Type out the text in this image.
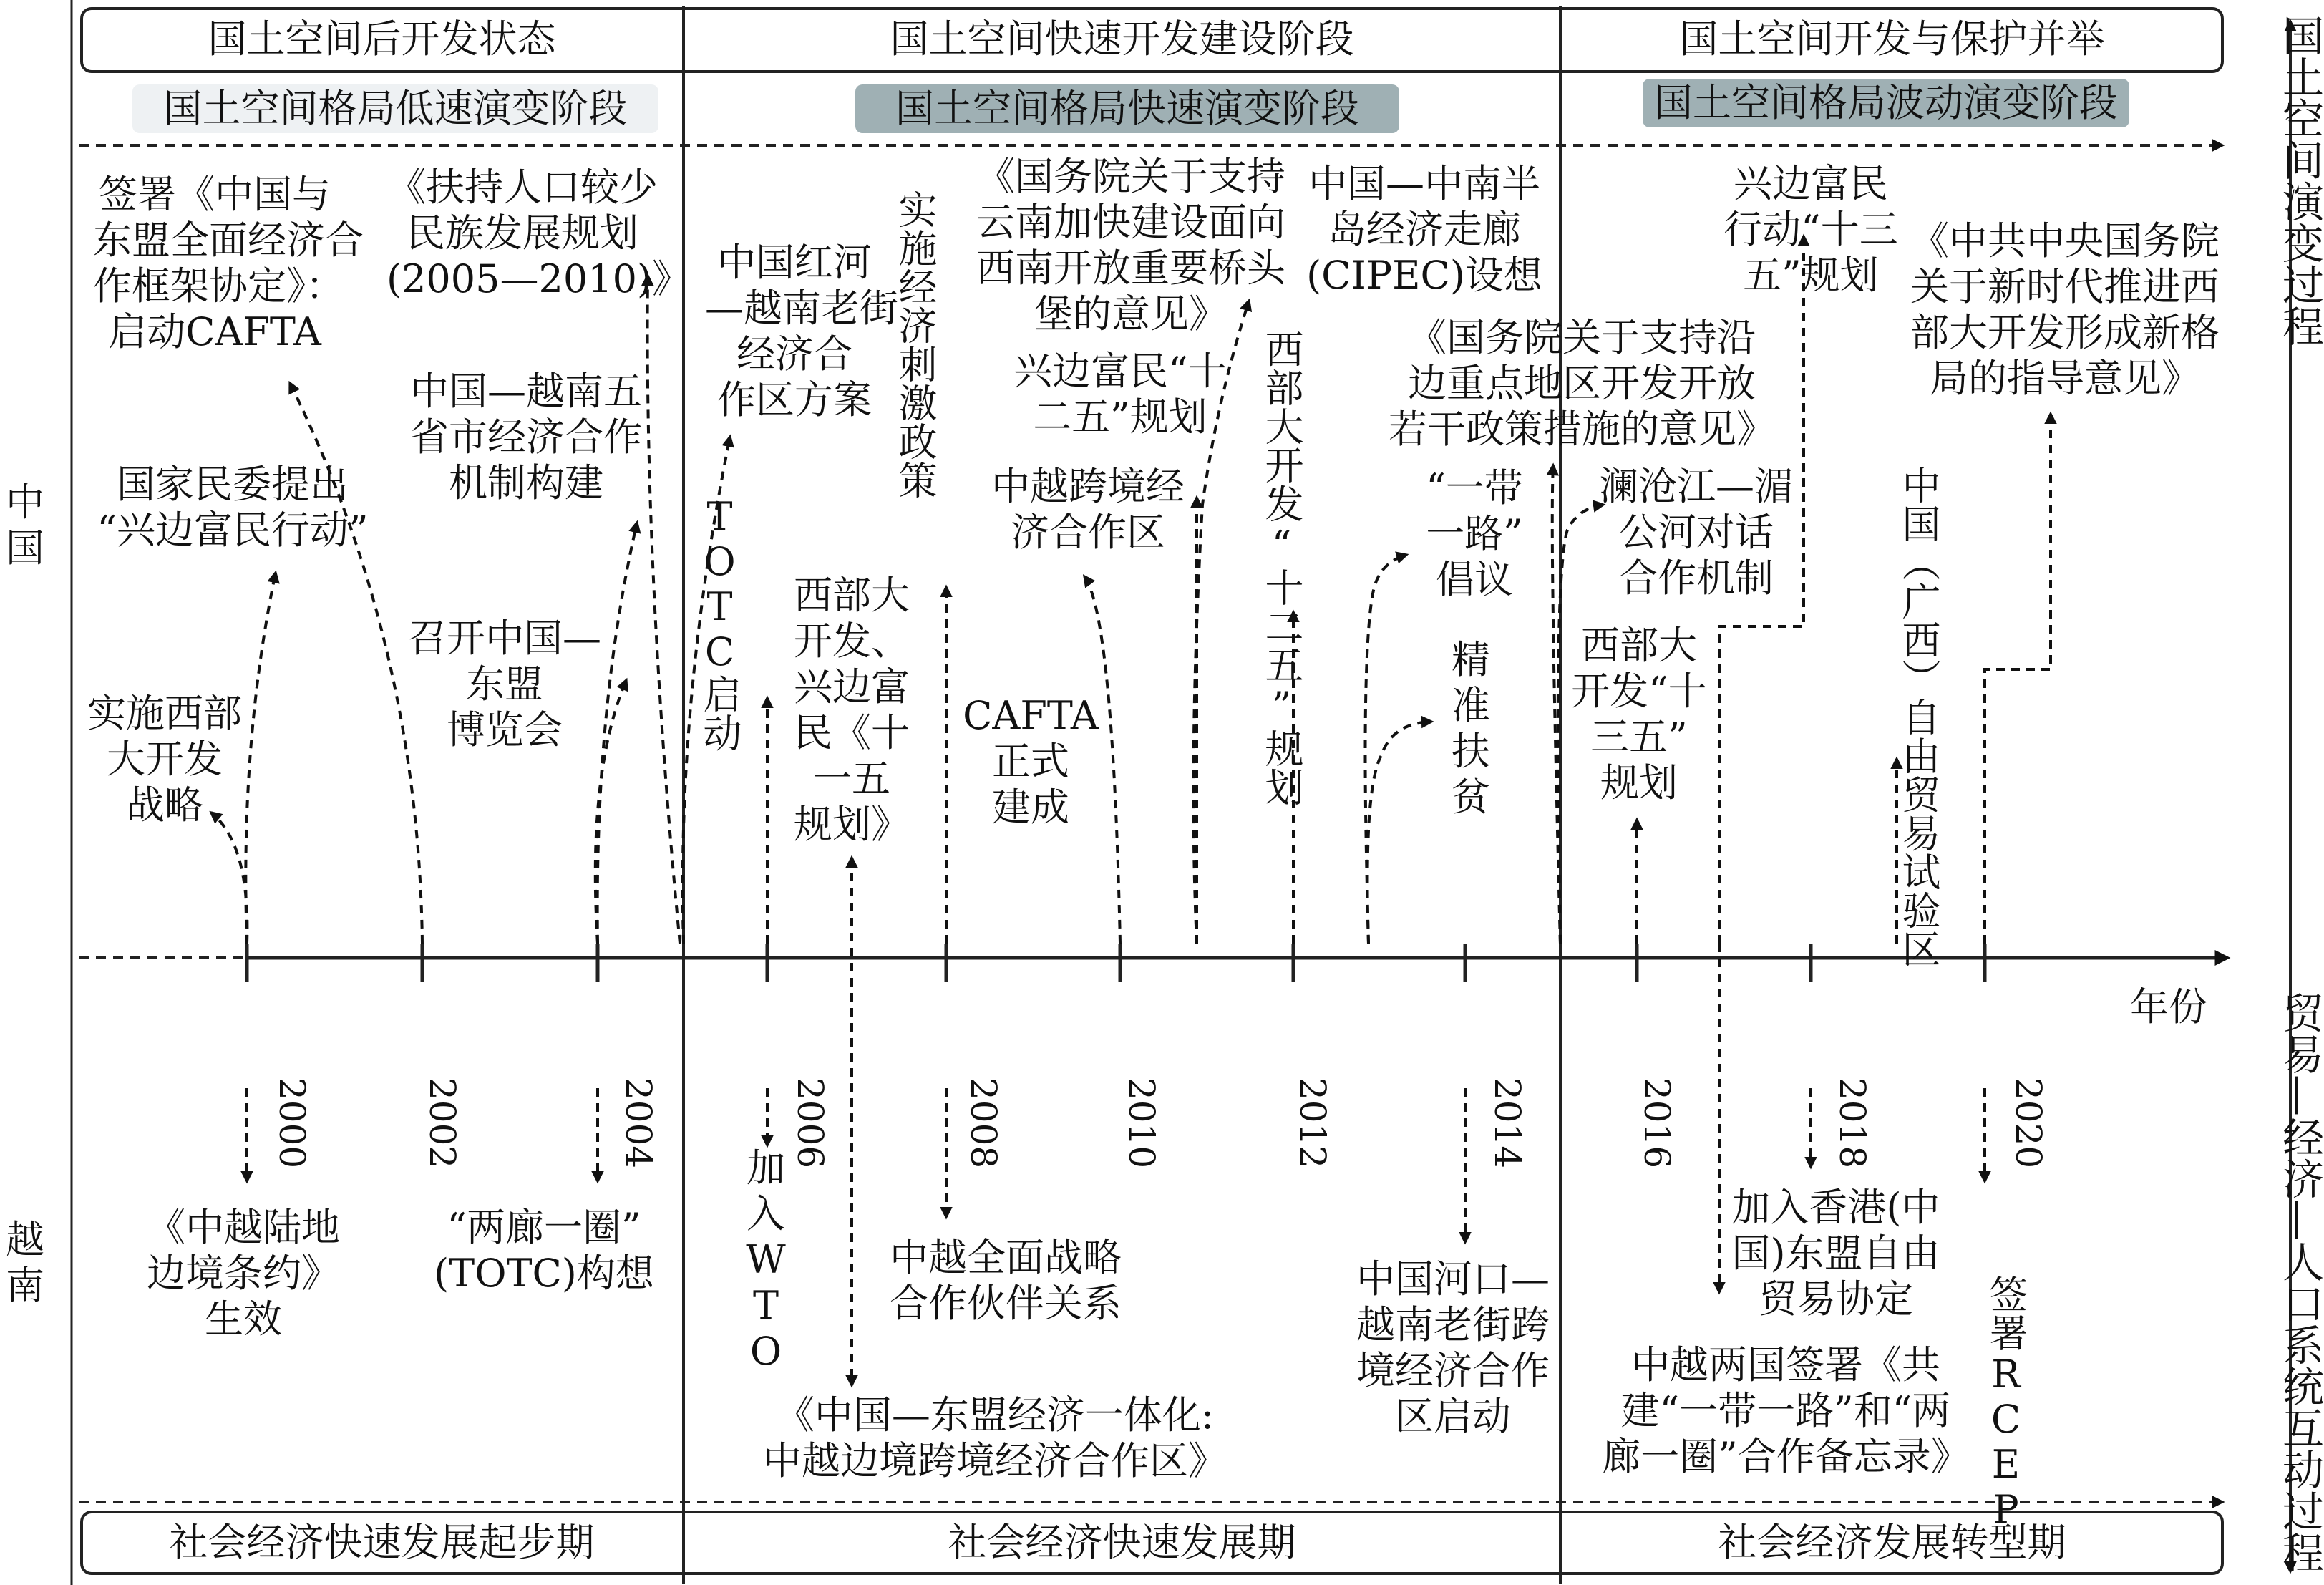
国土空间后开发状态	国土空间快速开发建设阶段	国土空间开发与保护并举
国土空间格局低速演变阶段	国土空间格局快速演变阶段	国土空间格局波动演变阶段
社会经济快速发展起步期	社会经济快速发展期	社会经济发展转型期
国土空间演变过程
贸易—经济—人口系统互动过程
中
国
越
南
年份
2000	2002	2004	2006	2008	2010	2012	2014	2016	2018	2020
签署《中国与
东盟全面经济合
作框架协定》：
启动CAFTA
《扶持人口较少
民族发展规划
(2005—2010)》
国家民委提出
“兴边富民行动”
中国—越南五
省市经济合作
机制构建
实施西部
大开发
战略
召开中国—
东盟
博览会	TOTC启动
中国红河
—越南老街
经济合
作区方案 实施经济刺激政策
西部大
开发、
兴边富
民《十
一五
规划》
《国务院关于支持
云南加快建设面向
西南开放重要桥头
堡的意见》
兴边富民“十
二五”规划
中越跨境经
济合作区
CAFTA
正式
建成
中国—中南半
岛经济走廊
(CIPEC)设想
西部大开发“十二五”规划	《国务院关于支持沿
边重点地区开发开放
若干政策措施的意见》
“一带
一路”
倡议
精
准
扶
贫
澜沧江—湄
公河对话
合作机制
西部大
开发“十
三五”
规划
兴边富民
行动“十三
五”规划
中国（广西）自由贸易试验区
《中共中央国务院
关于新时代推进西
部大开发形成新格
局的指导意见》
《中越陆地
边境条约》
生效
“两廊一圈”
(TOTC)构想
加
入
W
T
O
中越全面战略
合作伙伴关系
《中国—东盟经济一体化:
中越边境跨境经济合作区》
中国河口—
越南老街跨
境经济合作
区启动
加入香港(中
国)东盟自由
贸易协定
中越两国签署《共
建“一带一路”和“两
廊一圈”合作备忘录》 签署RCEP
